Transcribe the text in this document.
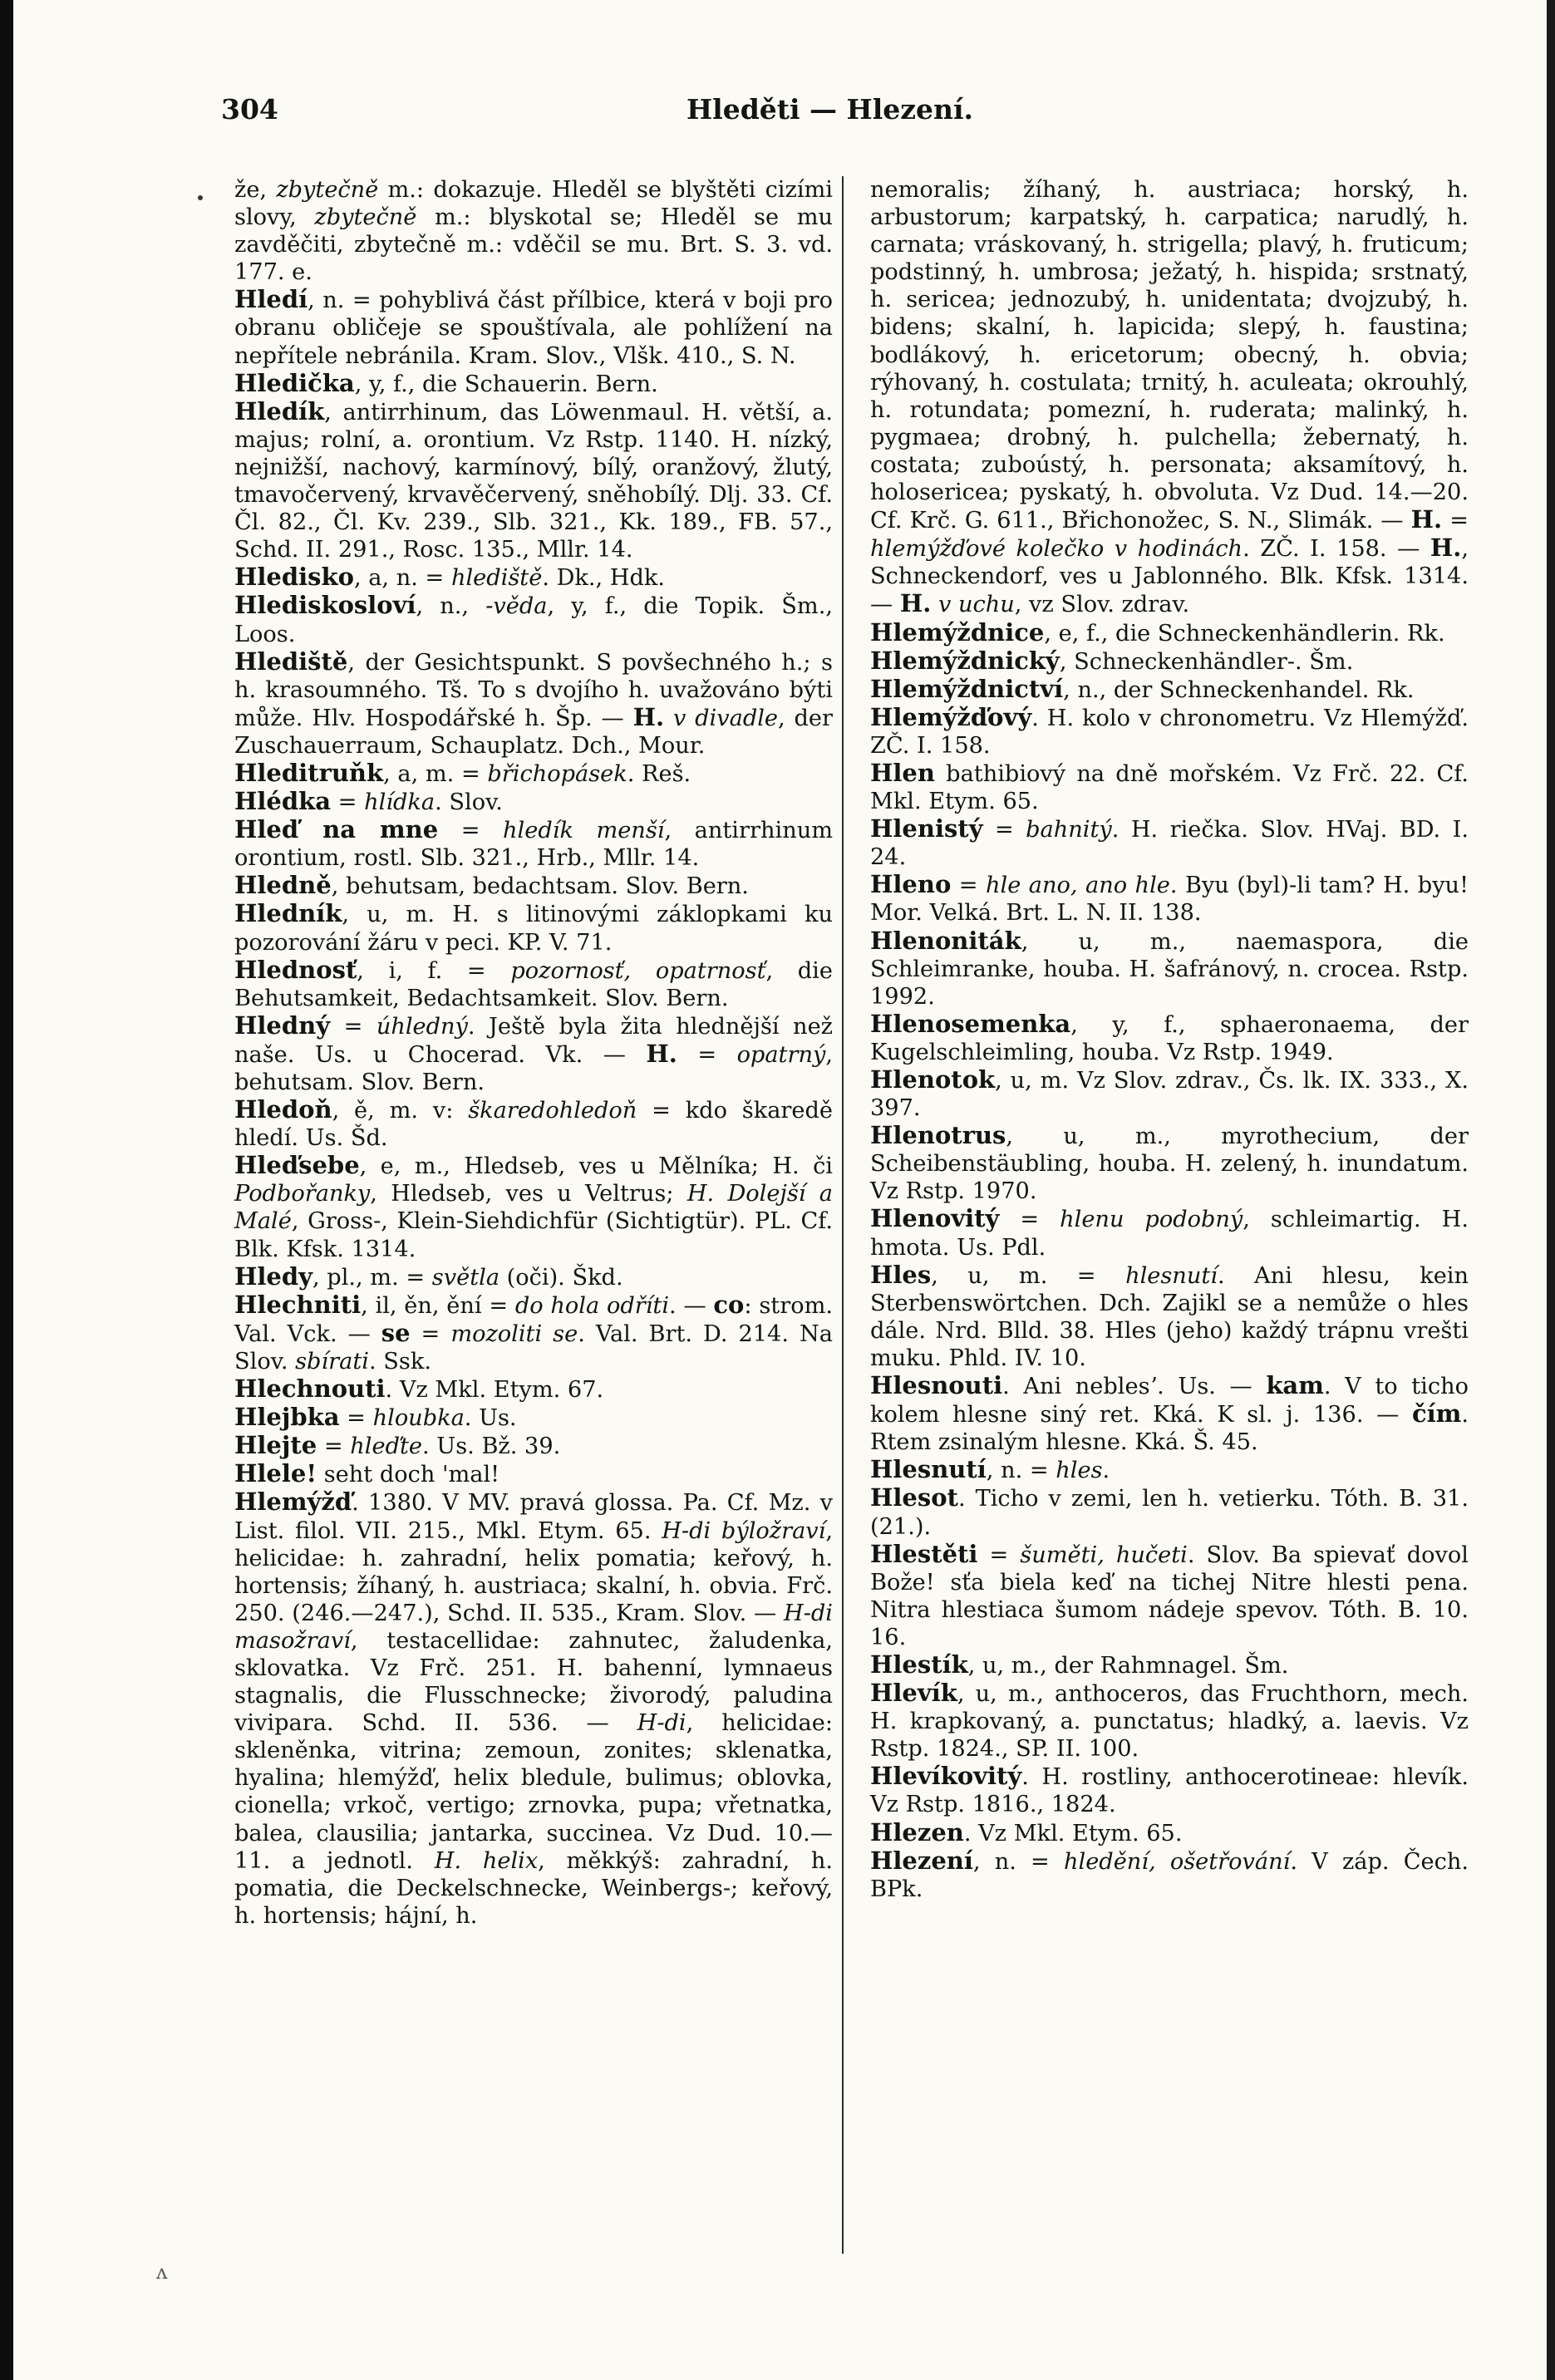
304	Hleděti — Hlezení.

že, zbytečně m.: dokazuje. Hleděl se blyštěti cizími slovy, zbytečně m.: blyskotal se; Hleděl se mu zavděčiti, zbytečně m.: vděčil se mu. Brt. S. 3. vd. 177. e.

Hledí, n. = pohyblivá část přílbice, která v boji pro obranu obličeje se spouštívala, ale pohlížení na nepřítele nebránila. Kram. Slov., Vlšk. 410., S. N.

Hledička, y, f., die Schauerin. Bern.

Hledík, antirrhinum, das Löwenmaul. H. větší, a. majus; rolní, a. orontium. Vz Rstp. 1140. H. nízký, nejnižší, nachový, karmínový, bílý, oranžový, žlutý, tmavočervený, krvavěčervený, sněhobílý. Dlj. 33. Cf. Čl. 82., Čl. Kv. 239., Slb. 321., Kk. 189., FB. 57., Schd. II. 291., Rosc. 135., Mllr. 14.

Hledisko, a, n. = hlediště. Dk., Hdk.

Hlediskosloví, n., -věda, y, f., die Topik. Šm., Loos.

Hlediště, der Gesichtspunkt. S povšechného h.; s h. krasoumného. Tš. To s dvojího h. uvažováno býti může. Hlv. Hospodářské h. Šp. — H. v divadle, der Zuschauerraum, Schauplatz. Dch., Mour.

Hleditruňk, a, m. = břichopásek. Reš.

Hlédka = hlídka. Slov.

Hleď na mne = hledík menší, antirrhinum orontium, rostl. Slb. 321., Hrb., Mllr. 14.

Hledně, behutsam, bedachtsam. Slov. Bern.

Hledník, u, m. H. s litinovými záklopkami ku pozorování žáru v peci. KP. V. 71.

Hlednosť, i, f. = pozornosť, opatrnosť, die Behutsamkeit, Bedachtsamkeit. Slov. Bern.

Hledný = úhledný. Ještě byla žita hlednější než naše. Us. u Chocerad. Vk. — H. = opatrný, behutsam. Slov. Bern.

Hledoň, ě, m. v: škaredohledoň = kdo škaredě hledí. Us. Šd.

Hleďsebe, e, m., Hledseb, ves u Mělníka; H. či Podbořanky, Hledseb, ves u Veltrus; H. Dolejší a Malé, Gross-, Klein-Siehdichfür (Sichtigtür). PL. Cf. Blk. Kfsk. 1314.

Hledy, pl., m. = světla (oči). Škd.

Hlechniti, il, ěn, ění = do hola odříti. — co: strom. Val. Vck. — se = mozoliti se. Val. Brt. D. 214. Na Slov. sbírati. Ssk.

Hlechnouti. Vz Mkl. Etym. 67.

Hlejbka = hloubka. Us.

Hlejte = hleďte. Us. Bž. 39.

Hlele! seht doch 'mal!

Hlemýžď. 1380. V MV. pravá glossa. Pa. Cf. Mz. v List. filol. VII. 215., Mkl. Etym. 65. H-di býložraví, helicidae: h. zahradní, helix pomatia; keřový, h. hortensis; žíhaný, h. austriaca; skalní, h. obvia. Frč. 250. (246.—247.), Schd. II. 535., Kram. Slov. — H-di masožraví, testacellidae: zahnutec, žaludenka, sklovatka. Vz Frč. 251. H. bahenní, lymnaeus stagnalis, die Flusschnecke; živorodý, paludina vivipara. Schd. II. 536. — H-di, helicidae: skleněnka, vitrina; zemoun, zonites; sklenatka, hyalina; hlemýžď, helix bledule, bulimus; oblovka, cionella; vrkoč, vertigo; zrnovka, pupa; vřetnatka, balea, clausilia; jantarka, succinea. Vz Dud. 10.—11. a jednotl. H. helix, měkkýš: zahradní, h. pomatia, die Deckelschnecke, Weinbergs-; keřový, h. hortensis; hájní, h.

nemoralis; žíhaný, h. austriaca; horský, h. arbustorum; karpatský, h. carpatica; narudlý, h. carnata; vráskovaný, h. strigella; plavý, h. fruticum; podstinný, h. umbrosa; ježatý, h. hispida; srstnatý, h. sericea; jednozubý, h. unidentata; dvojzubý, h. bidens; skalní, h. lapicida; slepý, h. faustina; bodlákový, h. ericetorum; obecný, h. obvia; rýhovaný, h. costulata; trnitý, h. aculeata; okrouhlý, h. rotundata; pomezní, h. ruderata; malinký, h. pygmaea; drobný, h. pulchella; žebernatý, h. costata; zuboústý, h. personata; aksamítový, h. holosericea; pyskatý, h. obvoluta. Vz Dud. 14.—20. Cf. Krč. G. 611., Břichonožec, S. N., Slimák. — H. = hlemýžďové kolečko v hodinách. ZČ. I. 158. — H., Schneckendorf, ves u Jablonného. Blk. Kfsk. 1314. — H. v uchu, vz Slov. zdrav.

Hlemýždnice, e, f., die Schneckenhändlerin. Rk.

Hlemýždnický, Schneckenhändler-. Šm.

Hlemýždnictví, n., der Schneckenhandel. Rk.

Hlemýžďový. H. kolo v chronometru. Vz Hlemýžď. ZČ. I. 158.

Hlen bathibiový na dně mořském. Vz Frč. 22. Cf. Mkl. Etym. 65.

Hlenistý = bahnitý. H. riečka. Slov. HVaj. BD. I. 24.

Hleno = hle ano, ano hle. Byu (byl)-li tam? H. byu! Mor. Velká. Brt. L. N. II. 138.

Hlenoniták, u, m., naemaspora, die Schleimranke, houba. H. šafránový, n. croceа. Rstp. 1992.

Hlenosemenka, y, f., sphaeronaema, der Kugelschleimling, houba. Vz Rstp. 1949.

Hlenotok, u, m. Vz Slov. zdrav., Čs. lk. IX. 333., X. 397.

Hlenotrus, u, m., myrothecium, der Scheibenstäubling, houba. H. zelený, h. inundatum. Vz Rstp. 1970.

Hlenovitý = hlenu podobný, schleimartig. H. hmota. Us. Pdl.

Hles, u, m. = hlesnutí. Ani hlesu, kein Sterbenswörtchen. Dch. Zajikl se a nemůže o hles dále. Nrd. Blld. 38. Hles (jeho) každý trápnu vrešti muku. Phld. IV. 10.

Hlesnouti. Ani neblesʼ. Us. — kam. V to ticho kolem hlesne siný ret. Kká. K sl. j. 136. — čím. Rtem zsinalým hlesne. Kká. Š. 45.

Hlesnutí, n. = hles.

Hlesot. Ticho v zemi, len h. vetierku. Tóth. B. 31. (21.).

Hlestěti = šuměti, hučeti. Slov. Ba spievať dovol Bože! sťa biela keď na tichej Nitre hlesti pena. Nitra hlestiaca šumom nádeje spevov. Tóth. B. 10. 16.

Hlestík, u, m., der Rahmnagel. Šm.

Hlevík, u, m., anthoceros, das Fruchthorn, mech. H. krapkovaný, a. punctatus; hladký, a. laevis. Vz Rstp. 1824., SP. II. 100.

Hlevíkovitý. H. rostliny, anthocerotineae: hlevík. Vz Rstp. 1816., 1824.

Hlezen. Vz Mkl. Etym. 65.

Hlezení, n. = hledění, ošetřování. V záp. Čech. BPk.

ʌ
